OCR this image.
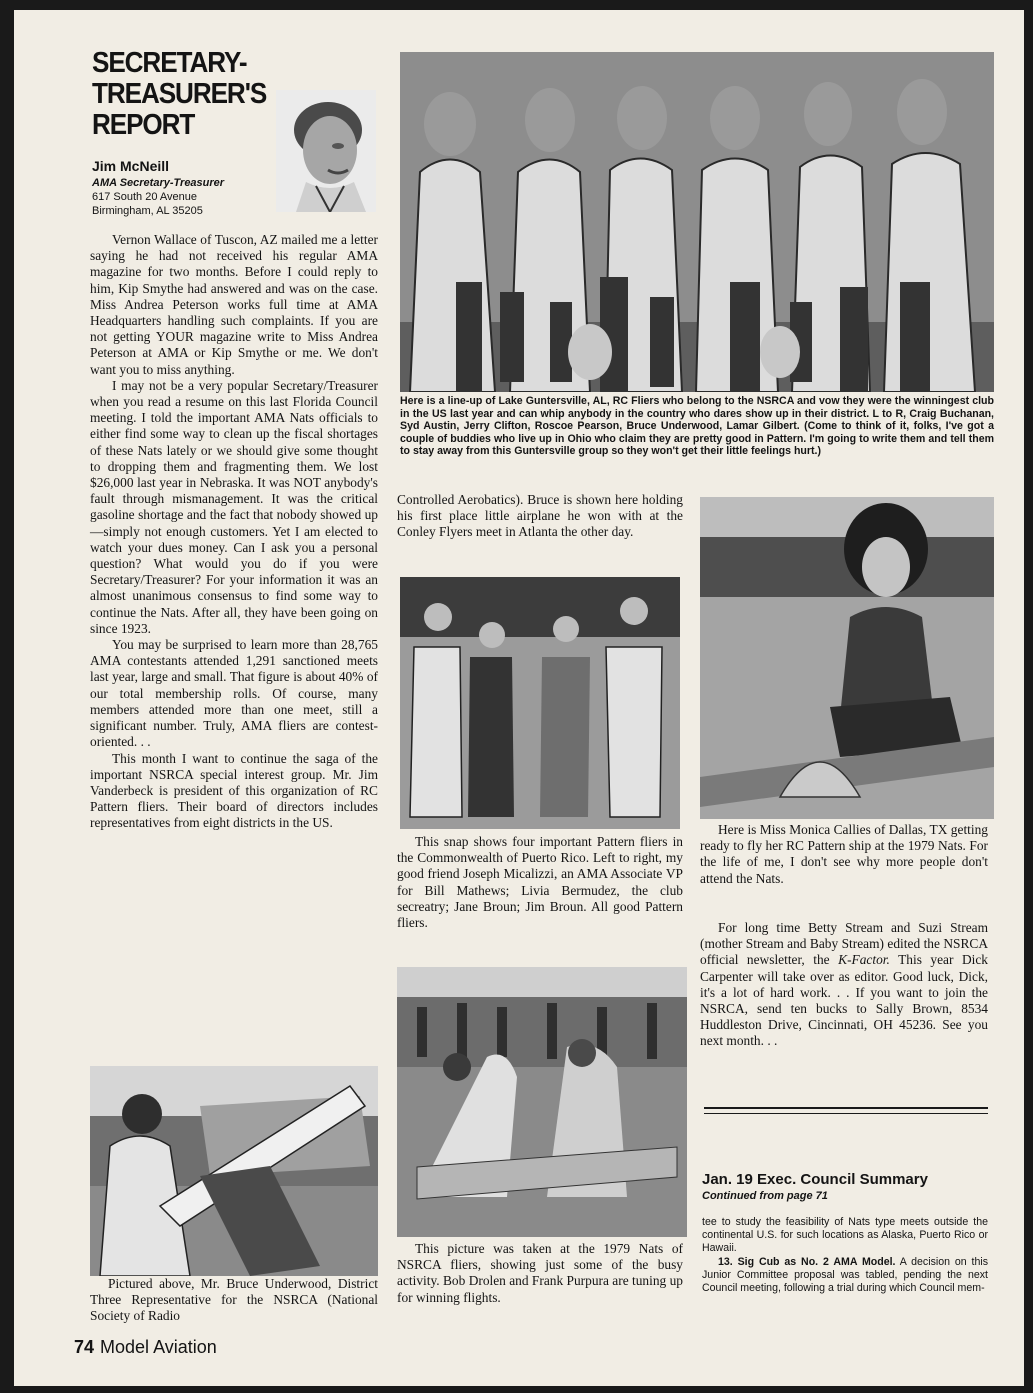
SECRETARY-TREASURER'S REPORT
Jim McNeill
AMA Secretary-Treasurer
617 South 20 Avenue
Birmingham, AL 35205

Vernon Wallace of Tuscon, AZ mailed me a letter saying he had not received his regular AMA magazine for two months. Before I could reply to him, Kip Smythe had answered and was on the case. Miss Andrea Peterson works full time at AMA Headquarters handling such complaints. If you are not getting YOUR magazine write to Miss Andrea Peterson at AMA or Kip Smythe or me. We don't want you to miss anything.

I may not be a very popular Secretary/Treasurer when you read a resume on this last Florida Council meeting. I told the important AMA Nats officials to either find some way to clean up the fiscal shortages of these Nats lately or we should give some thought to dropping them and fragmenting them. We lost $26,000 last year in Nebraska. It was NOT anybody's fault through mismanagement. It was the critical gasoline shortage and the fact that nobody showed up—simply not enough customers. Yet I am elected to watch your dues money. Can I ask you a personal question? What would you do if you were Secretary/Treasurer? For your information it was an almost unanimous consensus to find some way to continue the Nats. After all, they have been going on since 1923.

You may be surprised to learn more than 28,765 AMA contestants attended 1,291 sanctioned meets last year, large and small. That figure is about 40% of our total membership rolls. Of course, many members attended more than one meet, still a significant number. Truly, AMA fliers are contest-oriented. . .

This month I want to continue the saga of the important NSRCA special interest group. Mr. Jim Vanderbeck is president of this organization of RC Pattern fliers. Their board of directors includes representatives from eight districts in the US.

Here is a line-up of Lake Guntersville, AL, RC Fliers who belong to the NSRCA and vow they were the winningest club in the US last year and can whip anybody in the country who dares show up in their district. L to R, Craig Buchanan, Syd Austin, Jerry Clifton, Roscoe Pearson, Bruce Underwood, Lamar Gilbert. (Come to think of it, folks, I've got a couple of buddies who live up in Ohio who claim they are pretty good in Pattern. I'm going to write them and tell them to stay away from this Guntersville group so they won't get their little feelings hurt.)

Controlled Aerobatics). Bruce is shown here holding his first place little airplane he won with at the Conley Flyers meet in Atlanta the other day.

This snap shows four important Pattern fliers in the Commonwealth of Puerto Rico. Left to right, my good friend Joseph Micalizzi, an AMA Associate VP for Bill Mathews; Livia Bermudez, the club secreatry; Jane Broun; Jim Broun. All good Pattern fliers.

This picture was taken at the 1979 Nats of NSRCA fliers, showing just some of the busy activity. Bob Drolen and Frank Purpura are tuning up for winning flights.

Pictured above, Mr. Bruce Underwood, District Three Representative for the NSRCA (National Society of Radio

Here is Miss Monica Callies of Dallas, TX getting ready to fly her RC Pattern ship at the 1979 Nats. For the life of me, I don't see why more people don't attend the Nats.

For long time Betty Stream and Suzi Stream (mother Stream and Baby Stream) edited the NSRCA official newsletter, the K-Factor. This year Dick Carpenter will take over as editor. Good luck, Dick, it's a lot of hard work. . . If you want to join the NSRCA, send ten bucks to Sally Brown, 8534 Huddleston Drive, Cincinnati, OH 45236. See you next month. . .

Jan. 19 Exec. Council Summary
Continued from page 71

tee to study the feasibility of Nats type meets outside the continental U.S. for such locations as Alaska, Puerto Rico or Hawaii.

13. Sig Cub as No. 2 AMA Model. A decision on this Junior Committee proposal was tabled, pending the next Council meeting, following a trial during which Council mem-

74 Model Aviation
